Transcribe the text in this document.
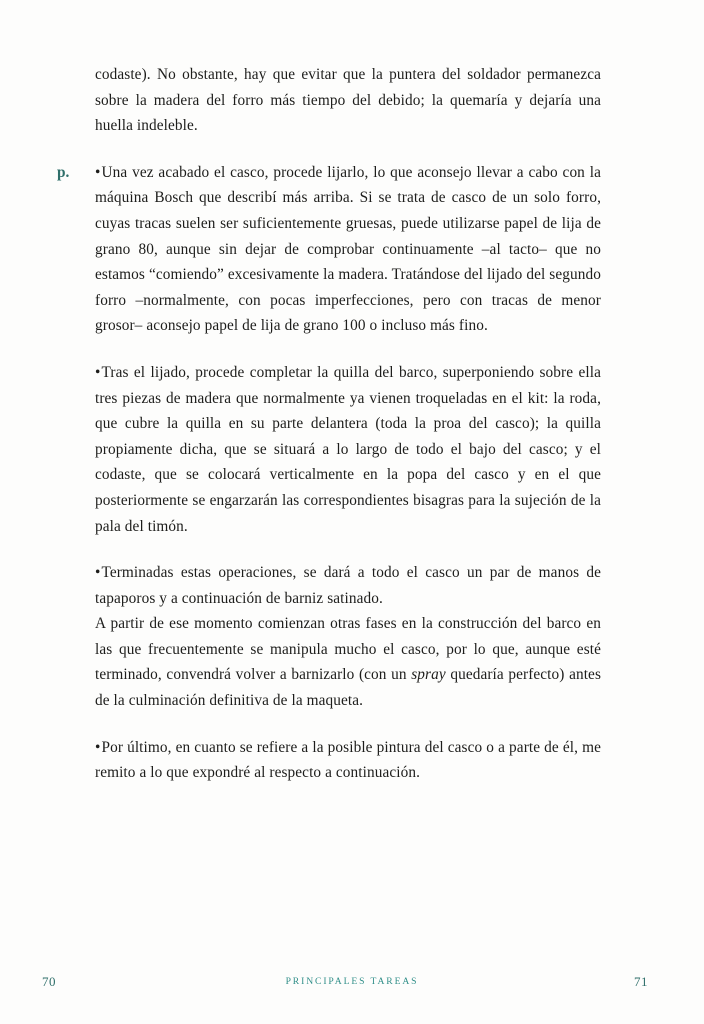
codaste). No obstante, hay que evitar que la puntera del soldador permanezca sobre la madera del forro más tiempo del debido; la quemaría y dejaría una huella indeleble.

p. •Una vez acabado el casco, procede lijarlo, lo que aconsejo llevar a cabo con la máquina Bosch que describí más arriba. Si se trata de casco de un solo forro, cuyas tracas suelen ser suficientemente gruesas, puede utilizarse papel de lija de grano 80, aunque sin dejar de comprobar continuamente –al tacto– que no estamos “comiendo” excesivamente la madera. Tratándose del lijado del segundo forro –normalmente, con pocas imperfecciones, pero con tracas de menor grosor– aconsejo papel de lija de grano 100 o incluso más fino.

•Tras el lijado, procede completar la quilla del barco, superponiendo sobre ella tres piezas de madera que normalmente ya vienen troqueladas en el kit: la roda, que cubre la quilla en su parte delantera (toda la proa del casco); la quilla propiamente dicha, que se situará a lo largo de todo el bajo del casco; y el codaste, que se colocará verticalmente en la popa del casco y en el que posteriormente se engarzarán las correspondientes bisagras para la sujeción de la pala del timón.

•Terminadas estas operaciones, se dará a todo el casco un par de manos de tapaporos y a continuación de barniz satinado.

A partir de ese momento comienzan otras fases en la construcción del barco en las que frecuentemente se manipula mucho el casco, por lo que, aunque esté terminado, convendrá volver a barnizarlo (con un spray quedaría perfecto) antes de la culminación definitiva de la maqueta.

•Por último, en cuanto se refiere a la posible pintura del casco o a parte de él, me remito a lo que expondré al respecto a continuación.

70	PRINCIPALES TAREAS	71
